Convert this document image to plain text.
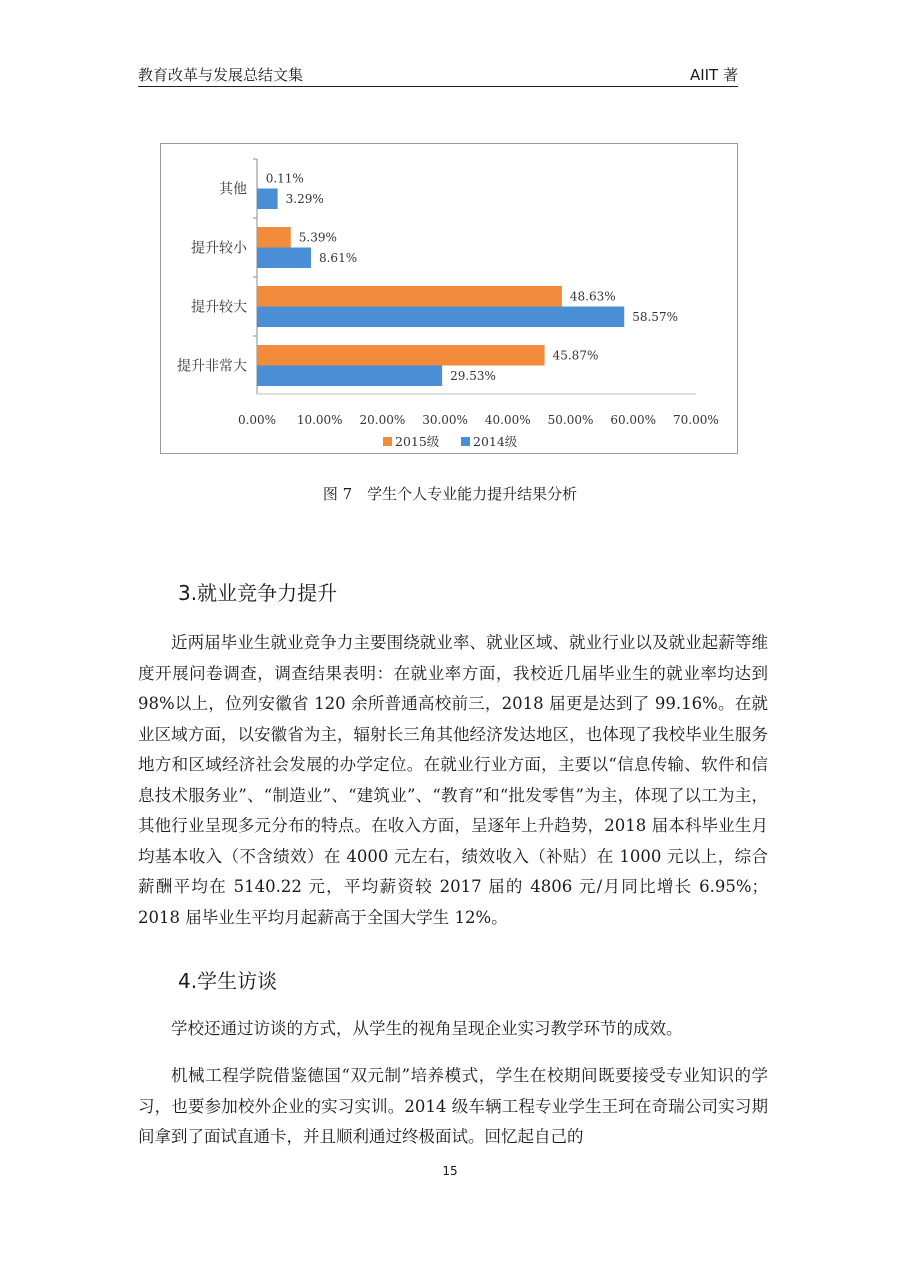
教育改革与发展总结文集	AIIT 著
其他
0.11%
3.29%
提升较小
5.39%
8.61%
提升较大
48.63%
58.57%
提升非常大
45.87%
29.53%
0.00% 10.00% 20.00% 30.00% 40.00% 50.00% 60.00% 70.00%
2015级	2014级
图 7　学生个人专业能力提升结果分析
3.就业竞争力提升

近两届毕业生就业竞争力主要围绕就业率、就业区域、就业行业以及就业起薪等维度开展问卷调查，调查结果表明：在就业率方面，我校近几届毕业生的就业率均达到 98%以上，位列安徽省 120 余所普通高校前三，2018 届更是达到了 99.16%。在就业区域方面，以安徽省为主，辐射长三角其他经济发达地区，也体现了我校毕业生服务地方和区域经济社会发展的办学定位。在就业行业方面，主要以“信息传输、软件和信息技术服务业”、“制造业”、“建筑业”、“教育”和“批发零售”为主，体现了以工为主，其他行业呈现多元分布的特点。在收入方面，呈逐年上升趋势，2018 届本科毕业生月均基本收入（不含绩效）在 4000 元左右，绩效收入（补贴）在 1000 元以上，综合薪酬平均在 5140.22 元，平均薪资较 2017 届的 4806 元/月同比增长 6.95%；2018 届毕业生平均月起薪高于全国大学生 12%。

4.学生访谈

学校还通过访谈的方式，从学生的视角呈现企业实习教学环节的成效。

机械工程学院借鉴德国“双元制”培养模式，学生在校期间既要接受专业知识的学习，也要参加校外企业的实习实训。2014 级车辆工程专业学生王珂在奇瑞公司实习期间拿到了面试直通卡，并且顺利通过终极面试。回忆起自己的

15
